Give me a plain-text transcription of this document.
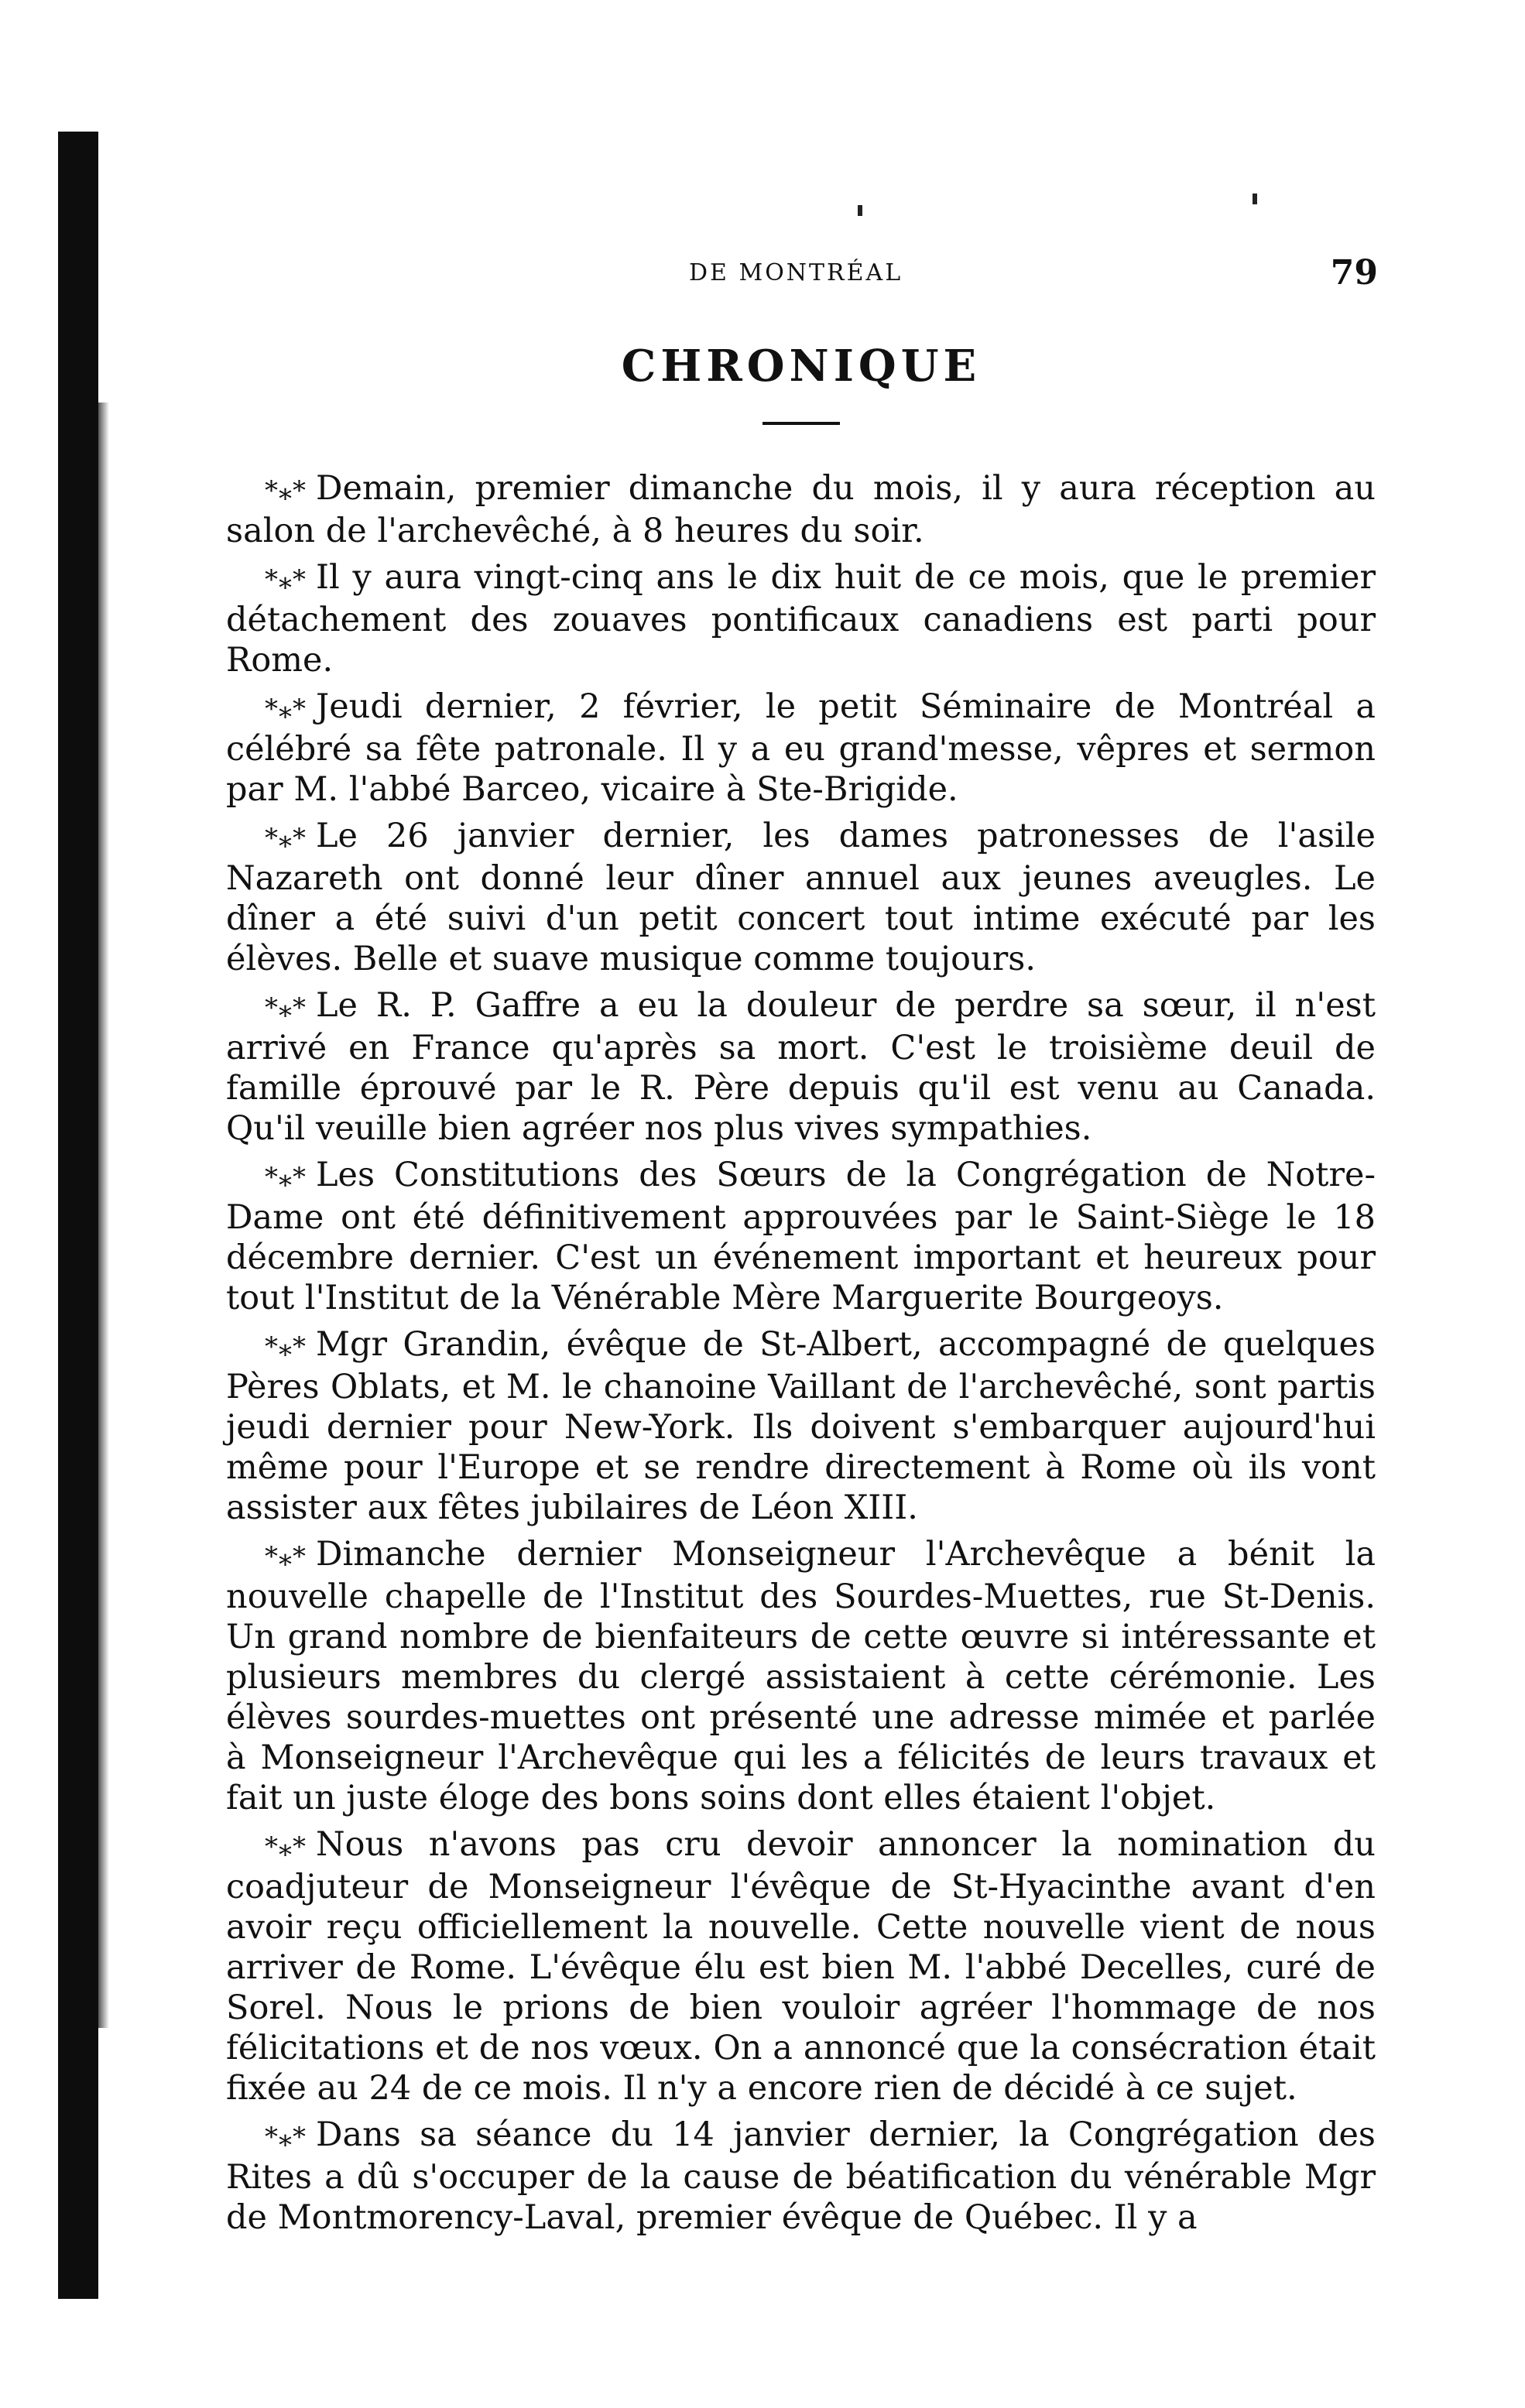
DE MONTRÉAL	79
CHRONIQUE

*⁎* Demain, premier dimanche du mois, il y aura réception au salon de l'archevêché, à 8 heures du soir.

*⁎* Il y aura vingt-cinq ans le dix huit de ce mois, que le premier détachement des zouaves pontificaux canadiens est parti pour Rome.

*⁎* Jeudi dernier, 2 février, le petit Séminaire de Montréal a célébré sa fête patronale. Il y a eu grand'messe, vêpres et sermon par M. l'abbé Barceo, vicaire à Ste-Brigide.

*⁎* Le 26 janvier dernier, les dames patronesses de l'asile Nazareth ont donné leur dîner annuel aux jeunes aveugles. Le dîner a été suivi d'un petit concert tout intime exécuté par les élèves. Belle et suave musique comme toujours.

*⁎* Le R. P. Gaffre a eu la douleur de perdre sa sœur, il n'est arrivé en France qu'après sa mort. C'est le troisième deuil de famille éprouvé par le R. Père depuis qu'il est venu au Canada. Qu'il veuille bien agréer nos plus vives sympathies.

*⁎* Les Constitutions des Sœurs de la Congrégation de Notre-Dame ont été définitivement approuvées par le Saint-Siège le 18 décembre dernier. C'est un événement important et heureux pour tout l'Institut de la Vénérable Mère Marguerite Bourgeoys.

*⁎* Mgr Grandin, évêque de St-Albert, accompagné de quelques Pères Oblats, et M. le chanoine Vaillant de l'archevêché, sont partis jeudi dernier pour New-York. Ils doivent s'embarquer aujourd'hui même pour l'Europe et se rendre directement à Rome où ils vont assister aux fêtes jubilaires de Léon XIII.

*⁎* Dimanche dernier Monseigneur l'Archevêque a bénit la nouvelle chapelle de l'Institut des Sourdes-Muettes, rue St-Denis. Un grand nombre de bienfaiteurs de cette œuvre si intéressante et plusieurs membres du clergé assistaient à cette cérémonie. Les élèves sourdes-muettes ont présenté une adresse mimée et parlée à Monseigneur l'Archevêque qui les a félicités de leurs travaux et fait un juste éloge des bons soins dont elles étaient l'objet.

*⁎* Nous n'avons pas cru devoir annoncer la nomination du coadjuteur de Monseigneur l'évêque de St-Hyacinthe avant d'en avoir reçu officiellement la nouvelle. Cette nouvelle vient de nous arriver de Rome. L'évêque élu est bien M. l'abbé Decelles, curé de Sorel. Nous le prions de bien vouloir agréer l'hommage de nos félicitations et de nos vœux. On a annoncé que la consécration était fixée au 24 de ce mois. Il n'y a encore rien de décidé à ce sujet.

*⁎* Dans sa séance du 14 janvier dernier, la Congrégation des Rites a dû s'occuper de la cause de béatification du vénérable Mgr de Montmorency-Laval, premier évêque de Québec. Il y a
